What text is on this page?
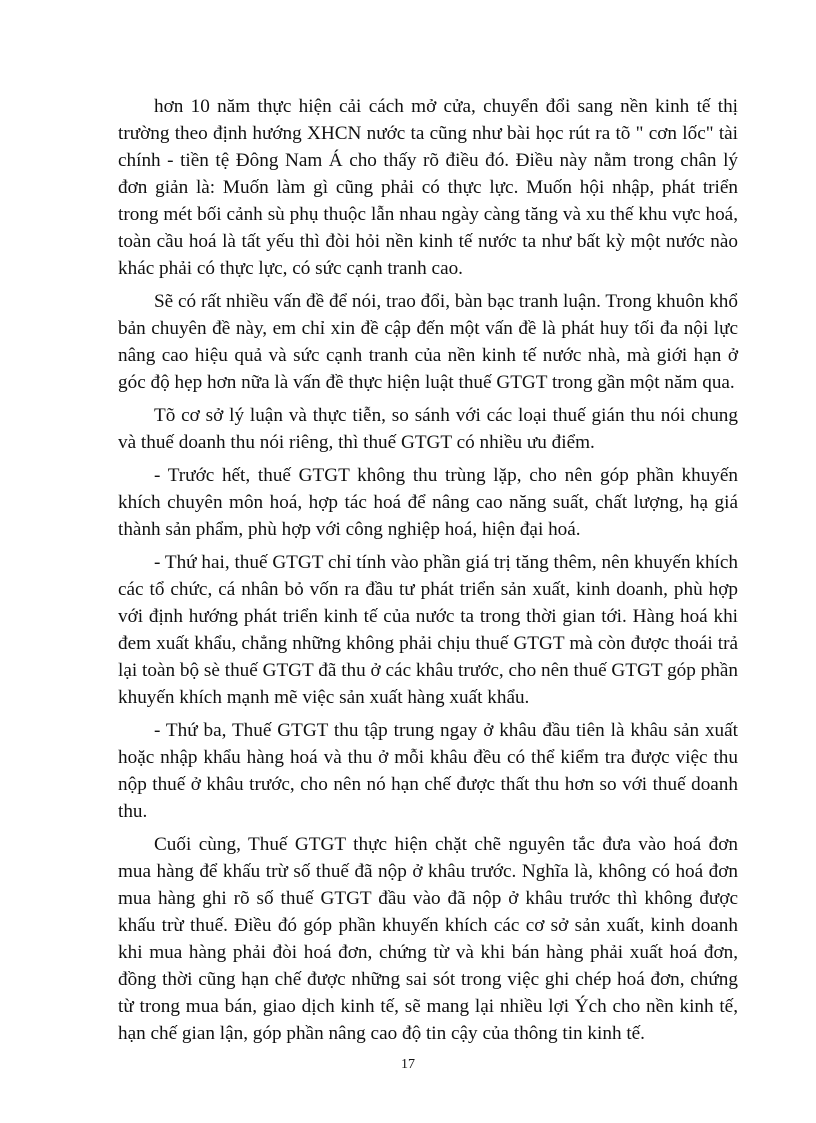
hơn 10 năm thực hiện cải cách mở cửa, chuyển đổi sang nền kinh tế thị trường theo định hướng XHCN nước ta cũng như bài học rút ra tõ " cơn lốc" tài chính - tiền tệ Đông Nam Á cho thấy rõ điều đó. Điều này nằm trong chân lý đơn giản là: Muốn làm gì cũng phải có thực lực. Muốn hội nhập, phát triển trong mét bối cảnh sù phụ thuộc lẫn nhau ngày càng tăng và xu thế khu vực hoá, toàn cầu hoá là tất yếu thì đòi hỏi nền kinh tế nước ta như bất kỳ một nước nào khác phải có thực lực, có sức cạnh tranh cao.

Sẽ có rất nhiều vấn đề để nói, trao đổi, bàn bạc tranh luận. Trong khuôn khổ bản chuyên đề này, em chỉ xin đề cập đến một vấn đề là phát huy tối đa nội lực nâng cao hiệu quả và sức cạnh tranh của nền kinh tế nước nhà, mà giới hạn ở góc độ hẹp hơn nữa là vấn đề thực hiện luật thuế GTGT trong gần một năm qua.

Tõ cơ sở lý luận và thực tiễn, so sánh với các loại thuế gián thu nói chung và thuế doanh thu nói riêng, thì thuế GTGT có nhiều ưu điểm.

- Trước hết, thuế GTGT không thu trùng lặp, cho nên góp phần khuyến khích chuyên môn hoá, hợp tác hoá để nâng cao năng suất, chất lượng, hạ giá thành sản phẩm, phù hợp với công nghiệp hoá, hiện đại hoá.

- Thứ hai, thuế GTGT chỉ tính vào phần giá trị tăng thêm, nên khuyến khích các tổ chức, cá nhân bỏ vốn ra đầu tư phát triển sản xuất, kinh doanh, phù hợp với định hướng phát triển kinh tế của nước ta trong thời gian tới. Hàng hoá khi đem xuất khẩu, chẳng những không phải chịu thuế GTGT mà còn được thoái trả lại toàn bộ sè thuế GTGT đã thu ở các khâu trước, cho nên thuế GTGT góp phần khuyến khích mạnh mẽ việc sản xuất hàng xuất khẩu.

- Thứ ba, Thuế GTGT thu tập trung ngay ở khâu đầu tiên là khâu sản xuất hoặc nhập khẩu hàng hoá và thu ở mỗi khâu đều có thể kiểm tra được việc thu nộp thuế ở khâu trước, cho nên nó hạn chế được thất thu hơn so với thuế doanh thu.

Cuối cùng, Thuế GTGT thực hiện chặt chẽ nguyên tắc đưa vào hoá đơn mua hàng để khấu trừ số thuế đã nộp ở khâu trước. Nghĩa là, không có hoá đơn mua hàng ghi rõ số thuế GTGT đầu vào đã nộp ở khâu trước thì không được khấu trừ thuế. Điều đó góp phần khuyến khích các cơ sở sản xuất, kinh doanh khi mua hàng phải đòi hoá đơn, chứng từ và khi bán hàng phải xuất hoá đơn, đồng thời cũng hạn chế được những sai sót trong việc ghi chép hoá đơn, chứng từ trong mua bán, giao dịch kinh tế, sẽ mang lại nhiều lợi Ých cho nền kinh tế, hạn chế gian lận, góp phần nâng cao độ tin cậy của thông tin kinh tế.

17
